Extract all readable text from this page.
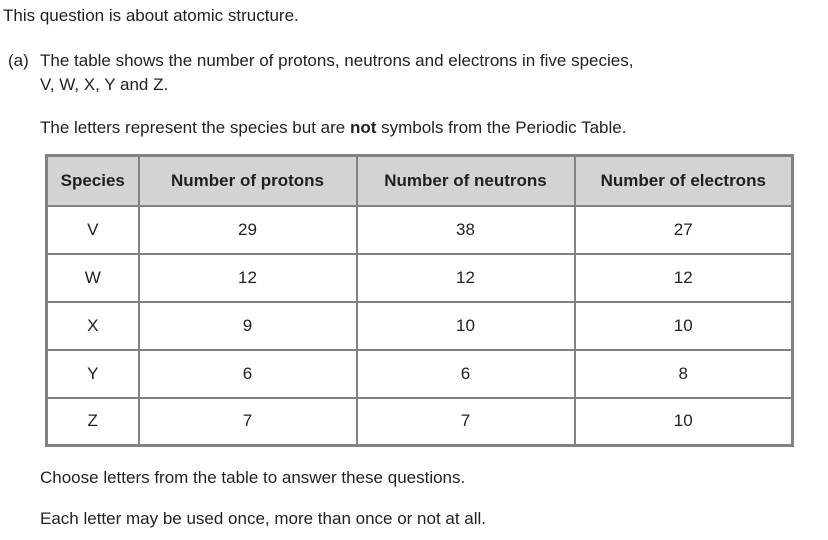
This question is about atomic structure.

(a) The table shows the number of protons, neutrons and electrons in five species,
V, W, X, Y and Z.

The letters represent the species but are not symbols from the Periodic Table.

Species	Number of protons	Number of neutrons	Number of electrons
V	29	38	27
W	12	12	12
X	9	10	10
Y	6	6	8
Z	7	7	10

Choose letters from the table to answer these questions.

Each letter may be used once, more than once or not at all.
